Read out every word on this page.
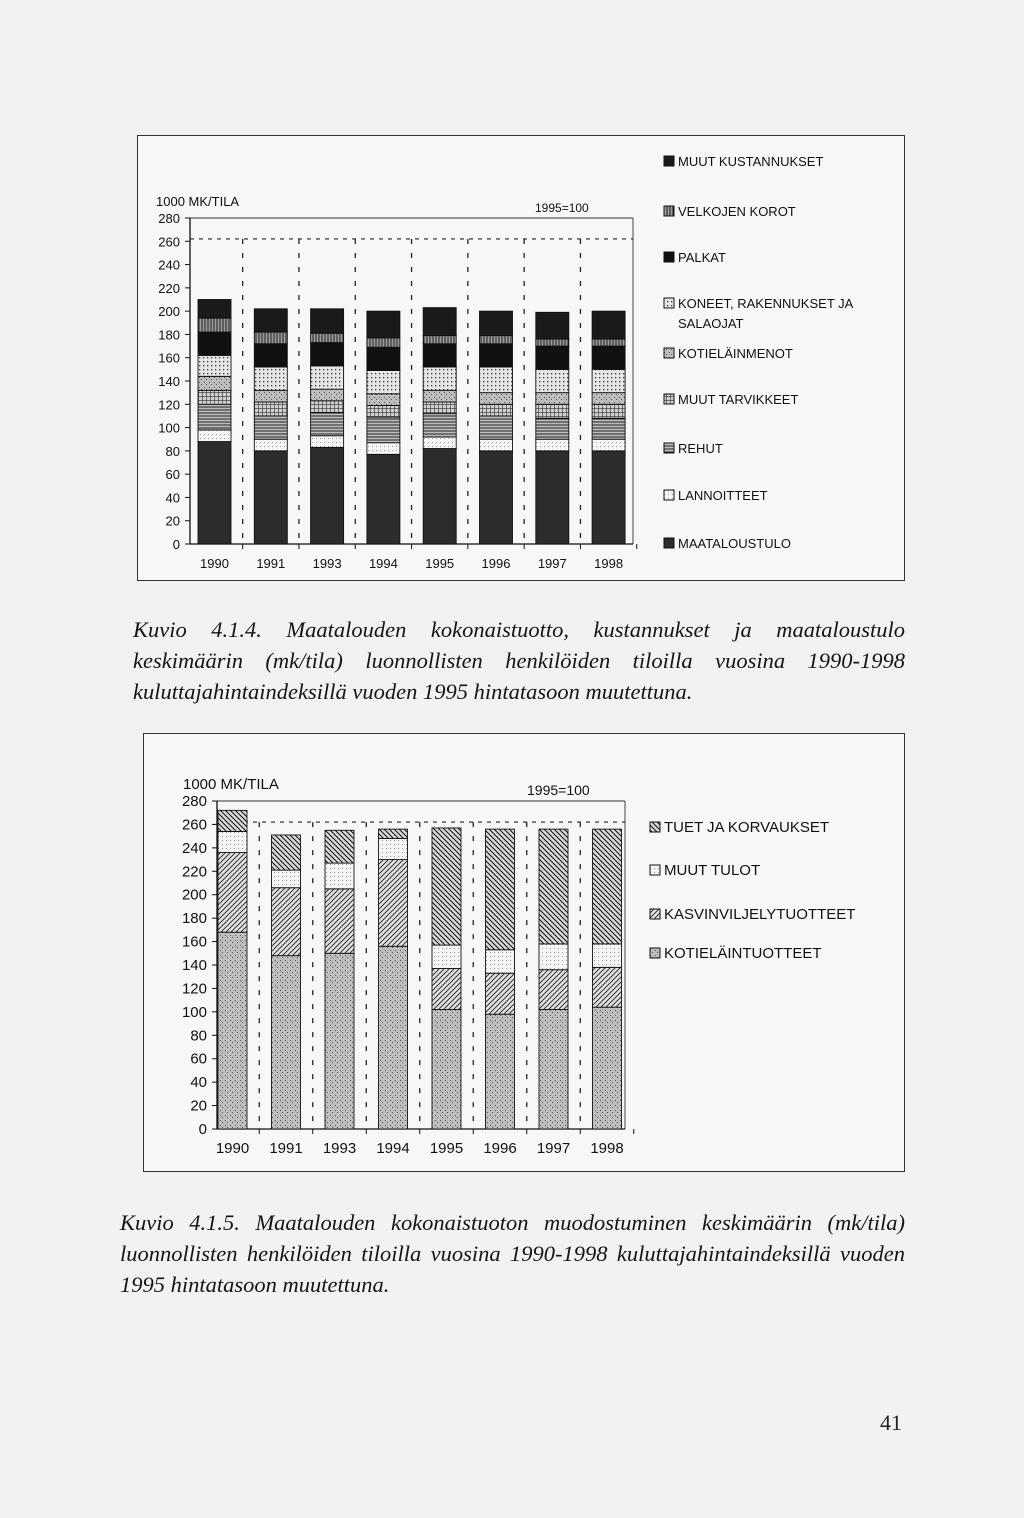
1000 MK/TILA	1995=100
0
20
40
60
80
100
120
140
160
180
200
220
240
260
280
1990 1991 1993 1994 1995 1996 1997 1998
MUUT KUSTANNUKSET
VELKOJEN KOROT
PALKAT
KONEET, RAKENNUKSET JA
SALAOJAT
KOTIELÄINMENOT
MUUT TARVIKKEET
REHUT
LANNOITTEET
MAATALOUSTULO
Kuvio 4.1.4. Maatalouden kokonaistuotto, kustannukset ja maataloustulo keskimäärin (mk/tila) luonnollisten henkilöiden tiloilla vuosina 1990-1998 kuluttajahintaindeksillä vuoden 1995 hintatasoon muutettuna.
1000 MK/TILA	1995=100
0
20
40
60
80
100
120
140
160
180
200
220
240
260
280
1990 1991 1993 1994 1995 1996 1997 1998
TUET JA KORVAUKSET
MUUT TULOT
KASVINVILJELYTUOTTEET
KOTIELÄINTUOTTEET
Kuvio 4.1.5. Maatalouden kokonaistuoton muodostuminen keskimäärin (mk/tila) luonnollisten henkilöiden tiloilla vuosina 1990-1998 kuluttajahintaindeksillä vuoden 1995 hintatasoon muutettuna.
41
